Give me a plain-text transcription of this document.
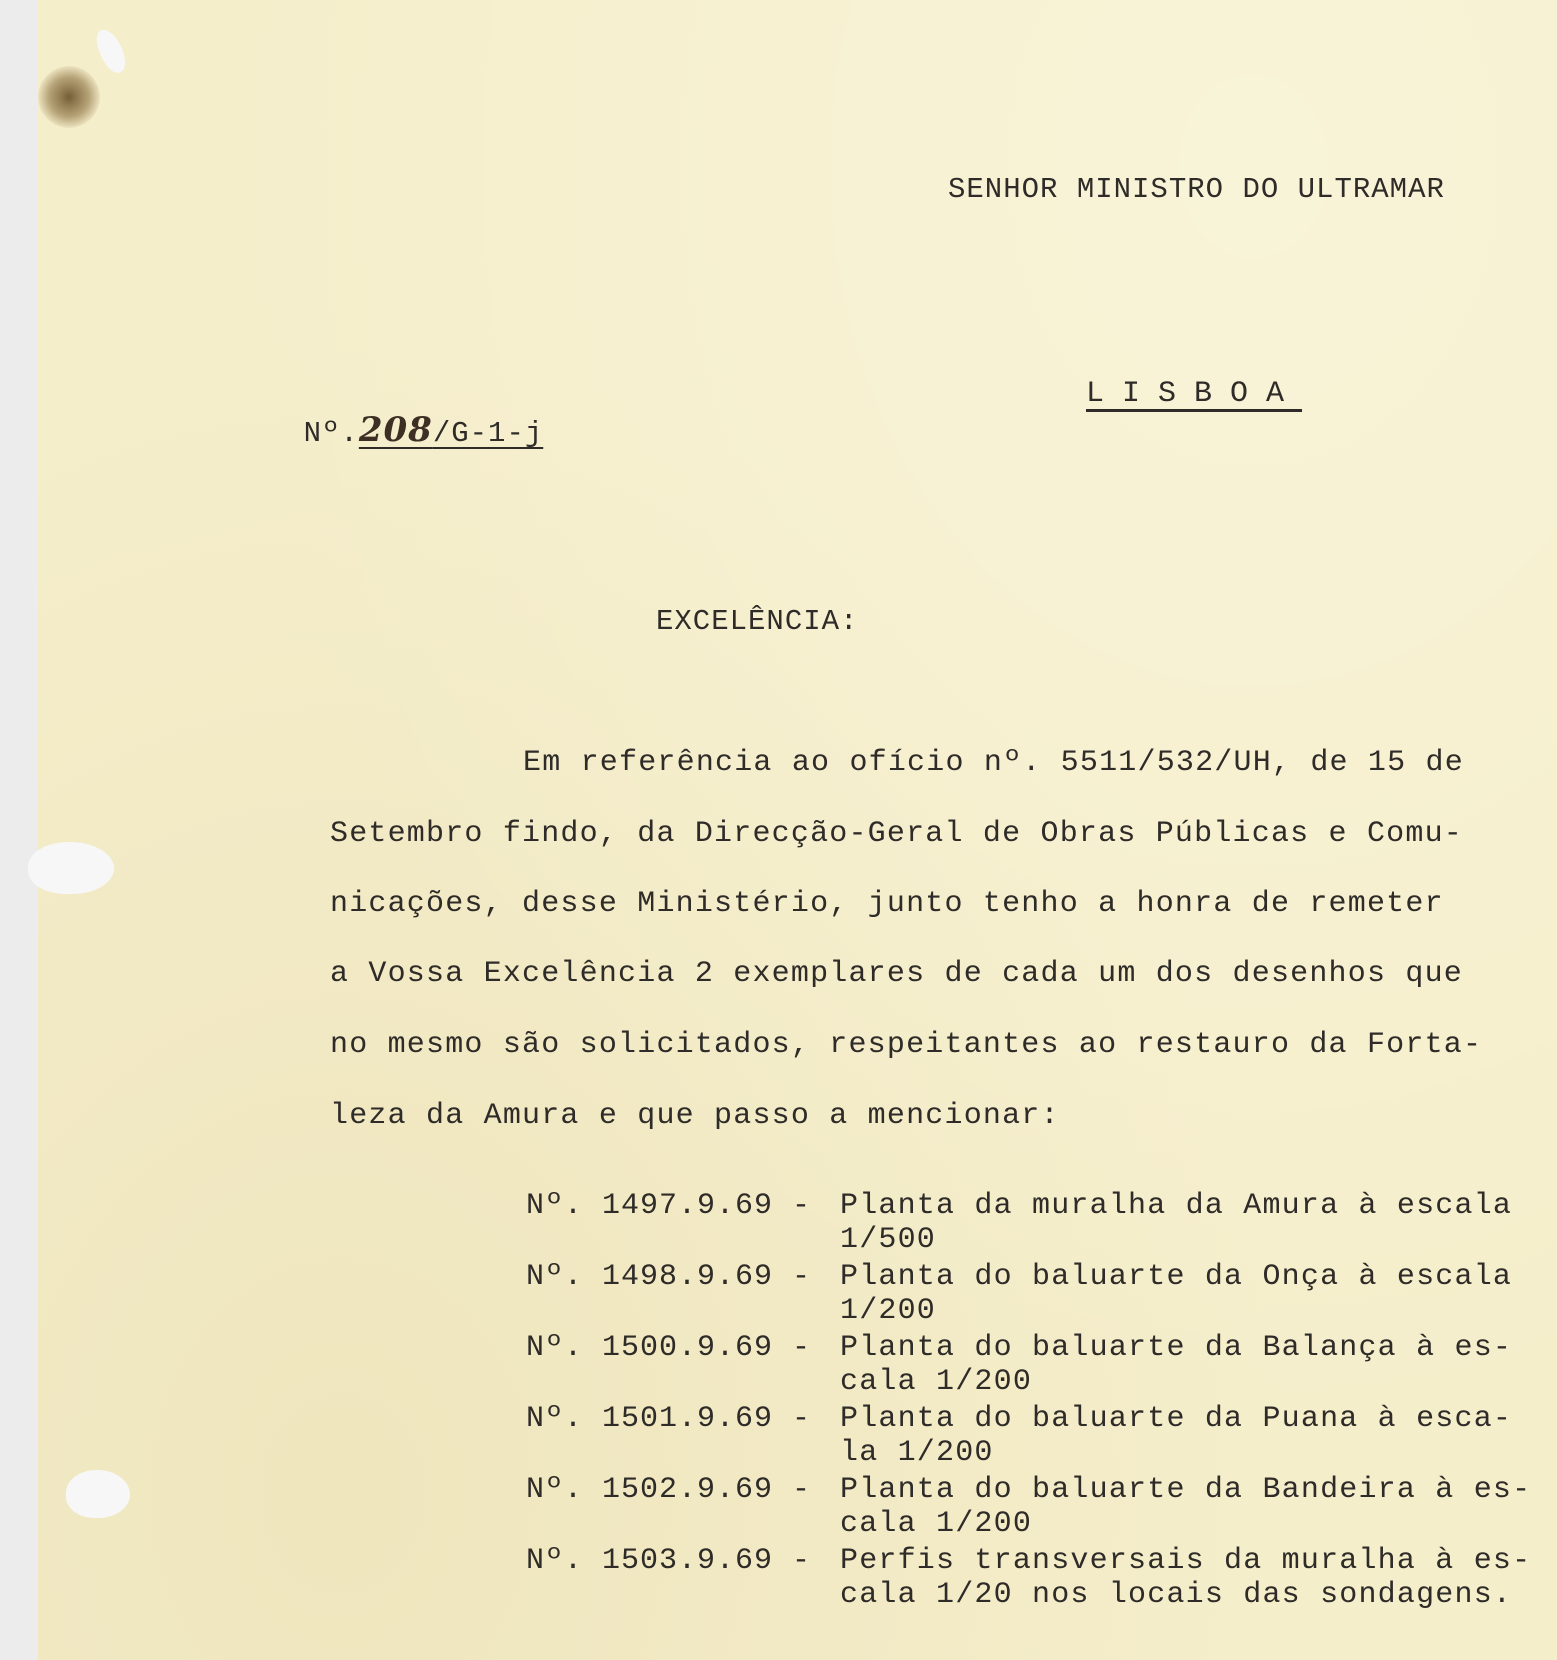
SENHOR MINISTRO DO ULTRAMAR

Nº.208/G-1-j

LISBOA
EXCELÊNCIA:
Em referência ao ofício nº. 5511/532/UH, de 15 de
Setembro findo, da Direcção-Geral de Obras Públicas e Comu-
nicações, desse Ministério, junto tenho a honra de remeter
a Vossa Excelência 2 exemplares de cada um dos desenhos que
no mesmo são solicitados, respeitantes ao restauro da Forta-
leza da Amura e que passo a mencionar:
Nº. 1497.9.69 - Planta da muralha da Amura à escala
1/500
Nº. 1498.9.69 - Planta do baluarte da Onça à escala
1/200
Nº. 1500.9.69 - Planta do baluarte da Balança à es-
cala 1/200
Nº. 1501.9.69 - Planta do baluarte da Puana à esca-
la 1/200
Nº. 1502.9.69 - Planta do baluarte da Bandeira à es-
cala 1/200
Nº. 1503.9.69 - Perfis transversais da muralha à es-
cala 1/20 nos locais das sondagens.
